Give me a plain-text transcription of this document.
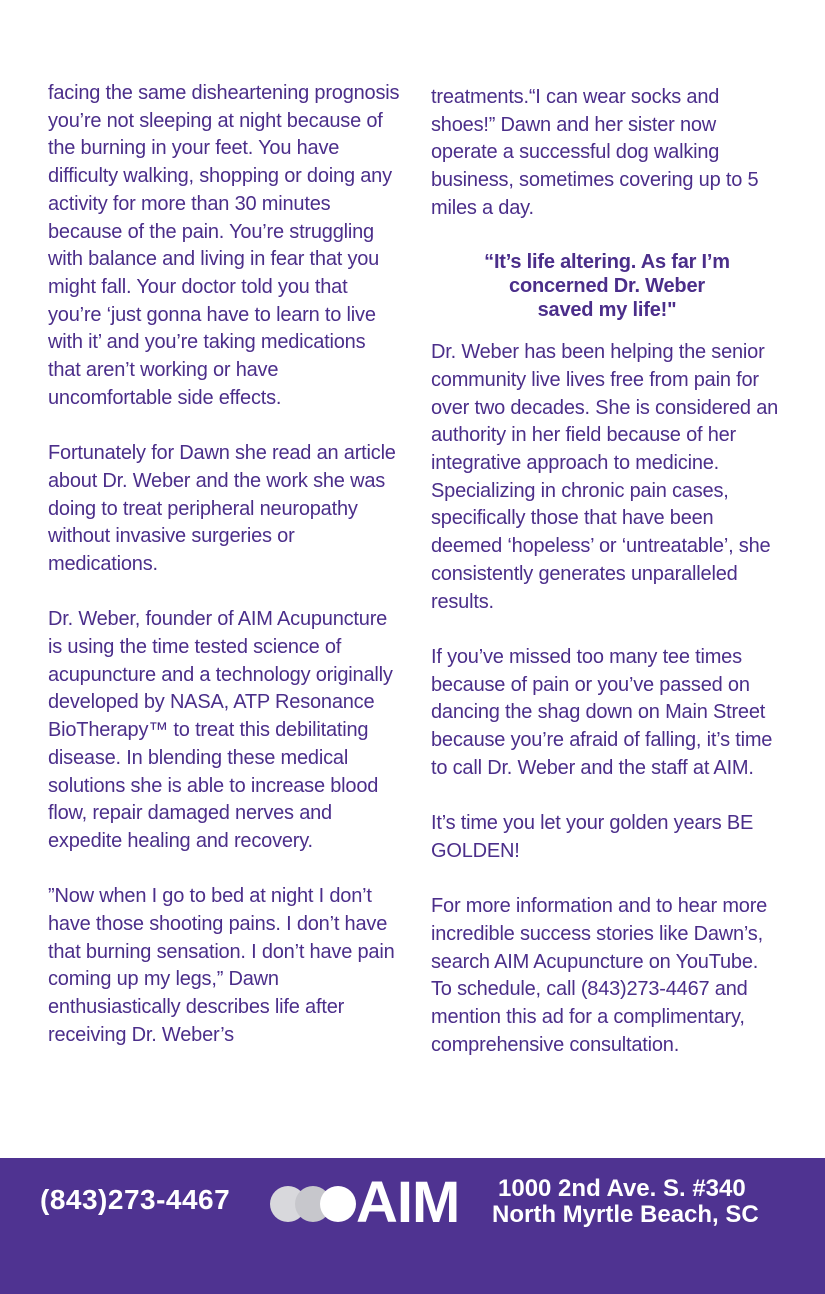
facing the same disheartening prognosis you’re not sleeping at night because of the burning in your feet. You have difficulty walking, shopping or doing any activity for more than 30 minutes because of the pain. You’re struggling with balance and living in fear that you might fall. Your doctor told you that you’re ‘just gonna have to learn to live with it’ and you’re taking medications that aren’t working or have uncomfortable side effects.

Fortunately for Dawn she read an article about Dr. Weber and the work she was doing to treat peripheral neuropathy without invasive surgeries or medications.

Dr. Weber, founder of AIM Acupuncture is using the time tested science of acupuncture and a technology originally developed by NASA, ATP Resonance BioTherapy™ to treat this debilitating disease. In blending these medical solutions she is able to increase blood flow, repair damaged nerves and expedite healing and recovery.

”Now when I go to bed at night I don’t have those shooting pains. I don’t have that burning sensation. I don’t have pain coming up my legs,” Dawn enthusiastically describes life after receiving Dr. Weber’s

treatments.“I can wear socks and shoes!” Dawn and her sister now operate a successful dog walking business, sometimes covering up to 5 miles a day.

“It’s life altering. As far I’m
concerned Dr. Weber
saved my life!"

Dr. Weber has been helping the senior community live lives free from pain for over two decades. She is considered an authority in her field because of her integrative approach to medicine. Specializing in chronic pain cases, specifically those that have been deemed ‘hopeless’ or ‘untreatable’, she consistently generates unparalleled results.

If you’ve missed too many tee times because of pain or you’ve passed on dancing the shag down on Main Street because you’re afraid of falling, it’s time to call Dr. Weber and the staff at AIM.

It’s time you let your golden years BE GOLDEN!

For more information and to hear more incredible success stories like Dawn’s, search AIM Acupuncture on YouTube. To schedule, call (843)273-4467 and mention this ad for a complimentary, comprehensive consultation.

(843)273-4467 AIM 1000 2nd Ave. S. #340
North Myrtle Beach, SC
